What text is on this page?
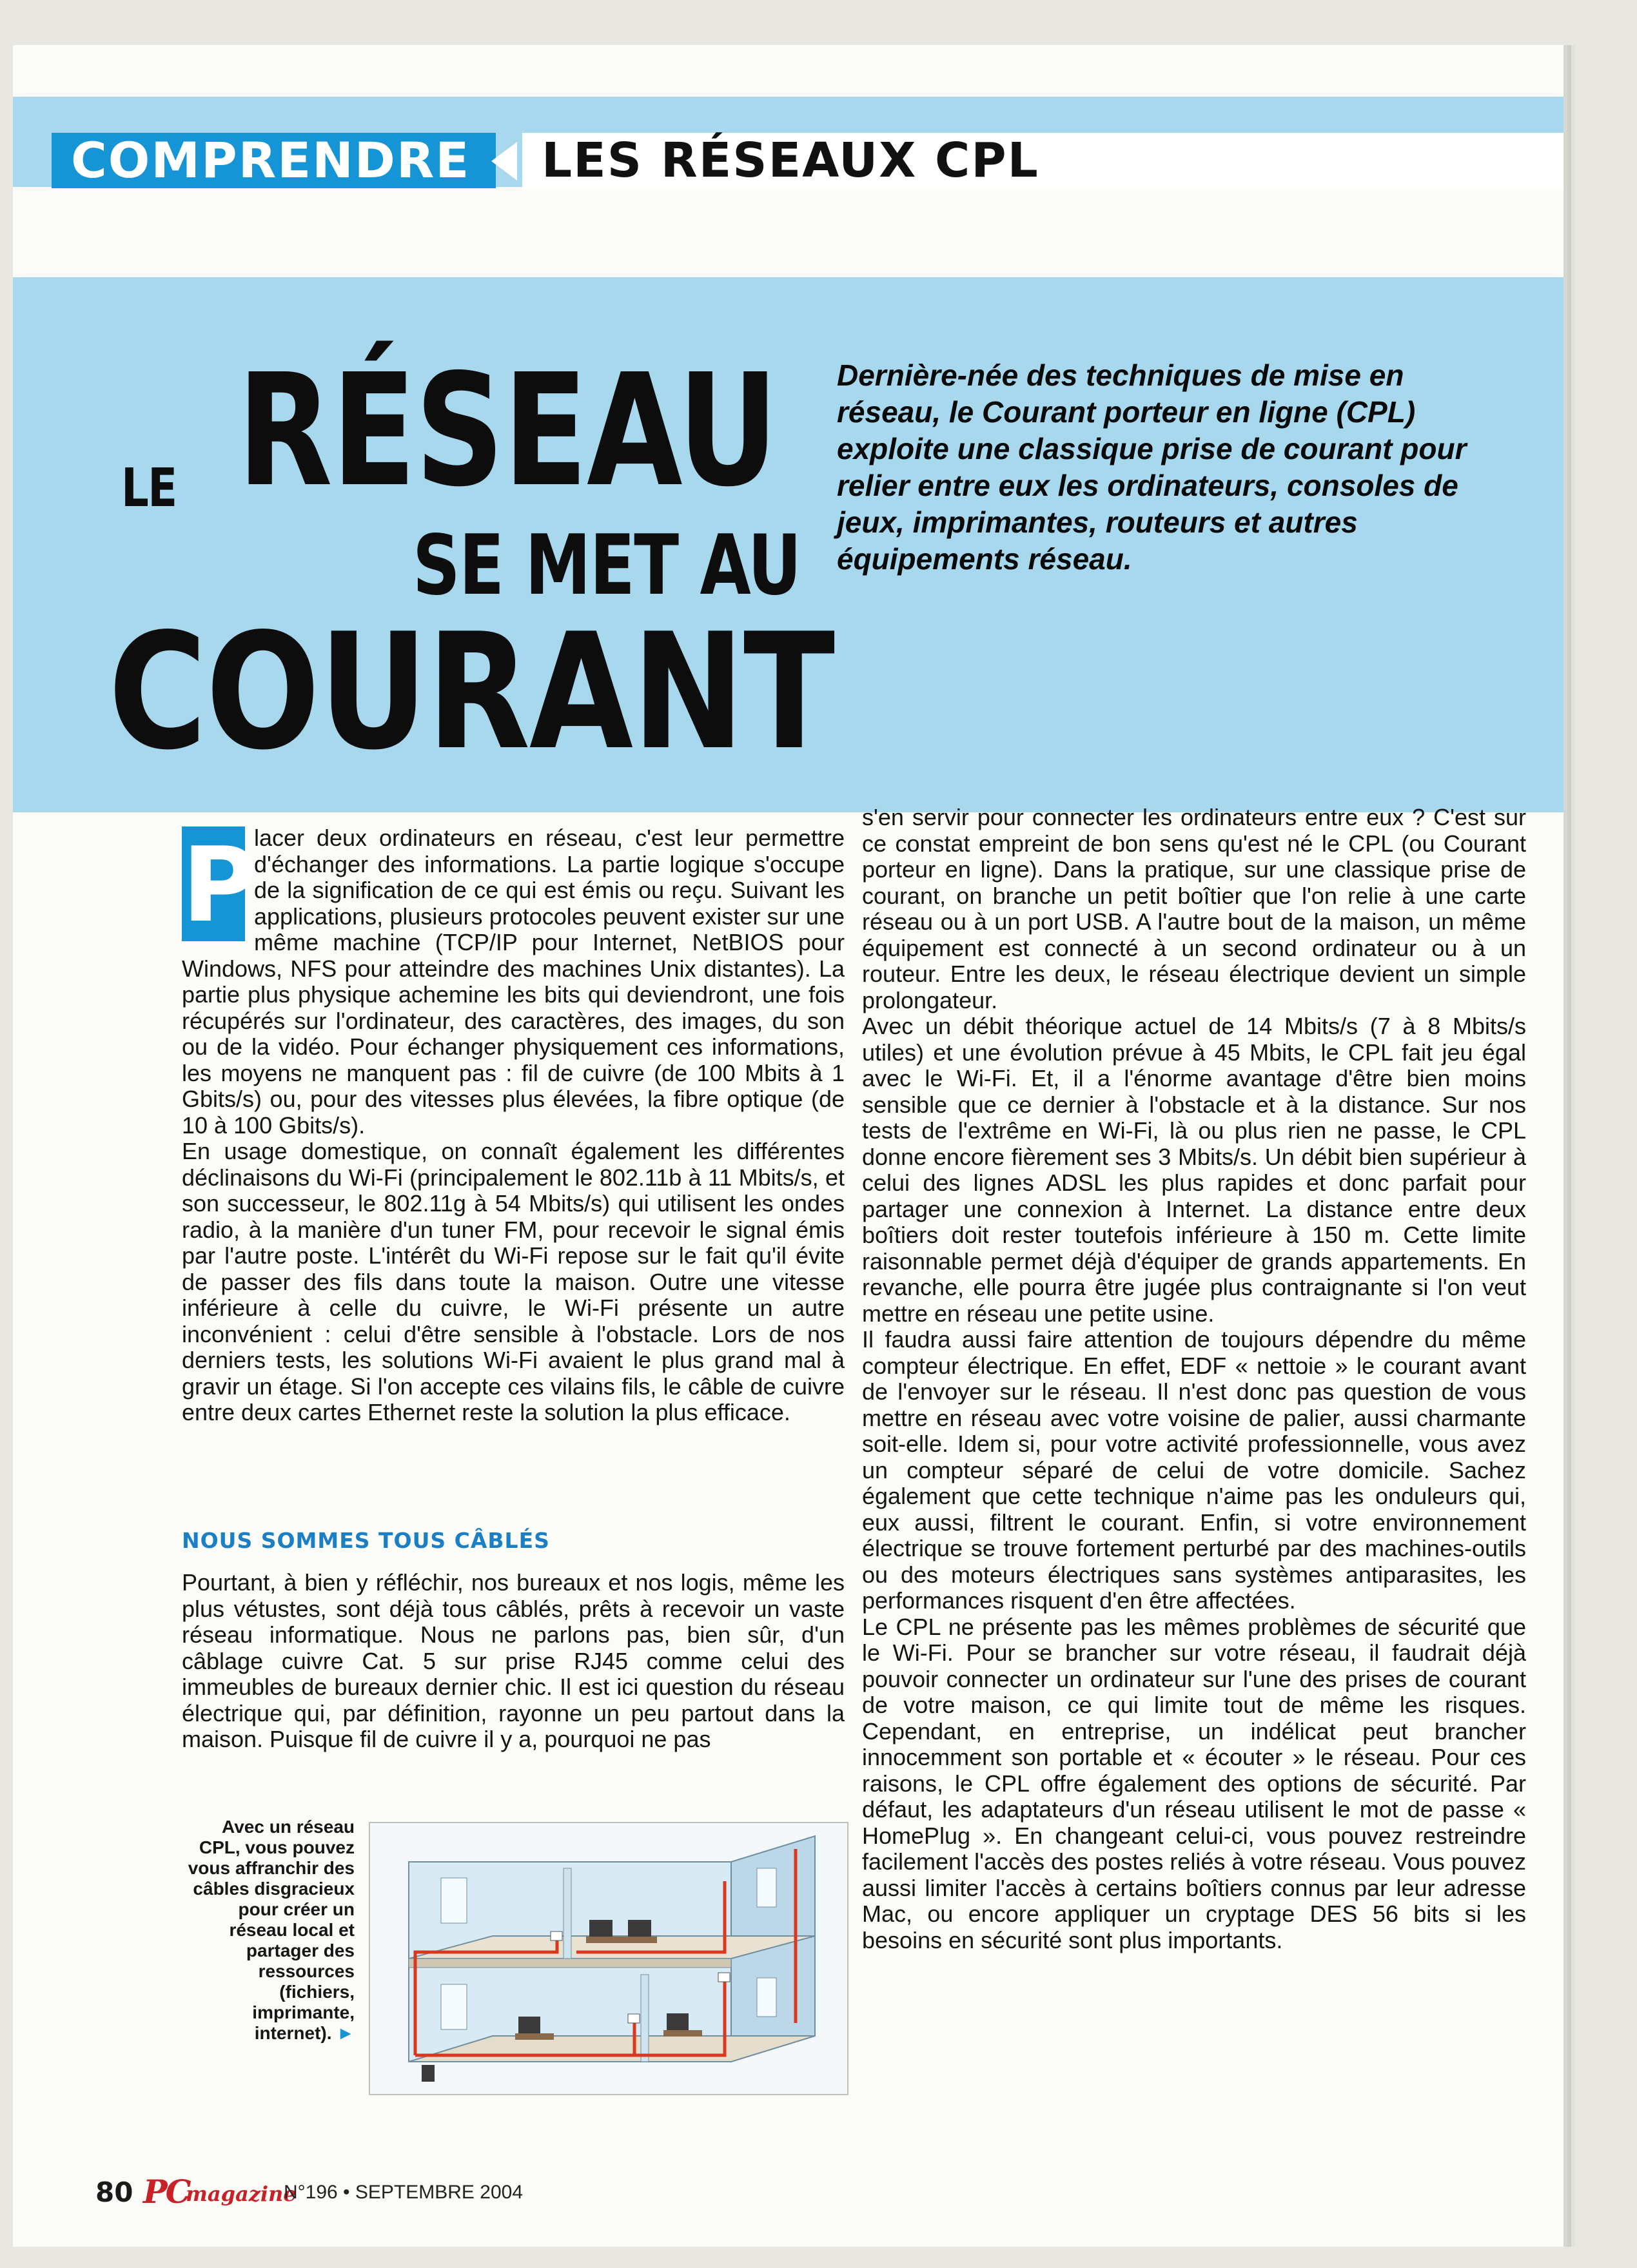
COMPRENDRE	LES RÉSEAUX CPL
LE RÉSEAU
SE MET AU
COURANT
Dernière-née des techniques de mise en réseau, le Courant porteur en ligne (CPL) exploite une classique prise de courant pour relier entre eux les ordinateurs, consoles de jeux, imprimantes, routeurs et autres équipements réseau.
P

lacer deux ordinateurs en réseau, c'est leur permettre d'échanger des informations. La partie logique s'occupe de la signification de ce qui est émis ou reçu. Suivant les applications, plusieurs protocoles peuvent exister sur une même machine (TCP/IP pour Internet, NetBIOS pour Windows, NFS pour atteindre des machines Unix distantes). La partie plus physique achemine les bits qui deviendront, une fois récupérés sur l'ordinateur, des caractères, des images, du son ou de la vidéo. Pour échanger physiquement ces informations, les moyens ne manquent pas : fil de cuivre (de 100 Mbits à 1 Gbits/s) ou, pour des vitesses plus élevées, la fibre optique (de 10 à 100 Gbits/s).

En usage domestique, on connaît également les différentes déclinaisons du Wi-Fi (principalement le 802.11b à 11 Mbits/s, et son successeur, le 802.11g à 54 Mbits/s) qui utilisent les ondes radio, à la manière d'un tuner FM, pour recevoir le signal émis par l'autre poste. L'intérêt du Wi-Fi repose sur le fait qu'il évite de passer des fils dans toute la maison. Outre une vitesse inférieure à celle du cuivre, le Wi-Fi présente un autre inconvénient : celui d'être sensible à l'obstacle. Lors de nos derniers tests, les solutions Wi-Fi avaient le plus grand mal à gravir un étage. Si l'on accepte ces vilains fils, le câble de cuivre entre deux cartes Ethernet reste la solution la plus efficace.

NOUS SOMMES TOUS CÂBLÉS

Pourtant, à bien y réfléchir, nos bureaux et nos logis, même les plus vétustes, sont déjà tous câblés, prêts à recevoir un vaste réseau informatique. Nous ne parlons pas, bien sûr, d'un câblage cuivre Cat. 5 sur prise RJ45 comme celui des immeubles de bureaux dernier chic. Il est ici question du réseau électrique qui, par définition, rayonne un peu partout dans la maison. Puisque fil de cuivre il y a, pourquoi ne pas

s'en servir pour connecter les ordinateurs entre eux ? C'est sur ce constat empreint de bon sens qu'est né le CPL (ou Courant porteur en ligne). Dans la pratique, sur une classique prise de courant, on branche un petit boîtier que l'on relie à une carte réseau ou à un port USB. A l'autre bout de la maison, un même équipement est connecté à un second ordinateur ou à un routeur. Entre les deux, le réseau électrique devient un simple prolongateur.

Avec un débit théorique actuel de 14 Mbits/s (7 à 8 Mbits/s utiles) et une évolution prévue à 45 Mbits, le CPL fait jeu égal avec le Wi-Fi. Et, il a l'énorme avantage d'être bien moins sensible que ce dernier à l'obstacle et à la distance. Sur nos tests de l'extrême en Wi-Fi, là ou plus rien ne passe, le CPL donne encore fièrement ses 3 Mbits/s. Un débit bien supérieur à celui des lignes ADSL les plus rapides et donc parfait pour partager une connexion à Internet. La distance entre deux boîtiers doit rester toutefois inférieure à 150 m. Cette limite raisonnable permet déjà d'équiper de grands appartements. En revanche, elle pourra être jugée plus contraignante si l'on veut mettre en réseau une petite usine.

Il faudra aussi faire attention de toujours dépendre du même compteur électrique. En effet, EDF « nettoie » le courant avant de l'envoyer sur le réseau. Il n'est donc pas question de vous mettre en réseau avec votre voisine de palier, aussi charmante soit-elle. Idem si, pour votre activité professionnelle, vous avez un compteur séparé de celui de votre domicile. Sachez également que cette technique n'aime pas les onduleurs qui, eux aussi, filtrent le courant. Enfin, si votre environnement électrique se trouve fortement perturbé par des machines-outils ou des moteurs électriques sans systèmes antiparasites, les performances risquent d'en être affectées.

Le CPL ne présente pas les mêmes problèmes de sécurité que le Wi-Fi. Pour se brancher sur votre réseau, il faudrait déjà pouvoir connecter un ordinateur sur l'une des prises de courant de votre maison, ce qui limite tout de même les risques. Cependant, en entreprise, un indélicat peut brancher innocemment son portable et « écouter » le réseau. Pour ces raisons, le CPL offre également des options de sécurité. Par défaut, les adaptateurs d'un réseau utilisent le mot de passe « HomePlug ». En changeant celui-ci, vous pouvez restreindre facilement l'accès des postes reliés à votre réseau. Vous pouvez aussi limiter l'accès à certains boîtiers connus par leur adresse Mac, ou encore appliquer un cryptage DES 56 bits si les besoins en sécurité sont plus importants.

Avec un réseau CPL, vous pouvez vous affranchir des câbles disgracieux pour créer un réseau local et partager des ressources (fichiers, imprimante, internet). ►
80 PC
magazine
N°196 • SEPTEMBRE 2004
